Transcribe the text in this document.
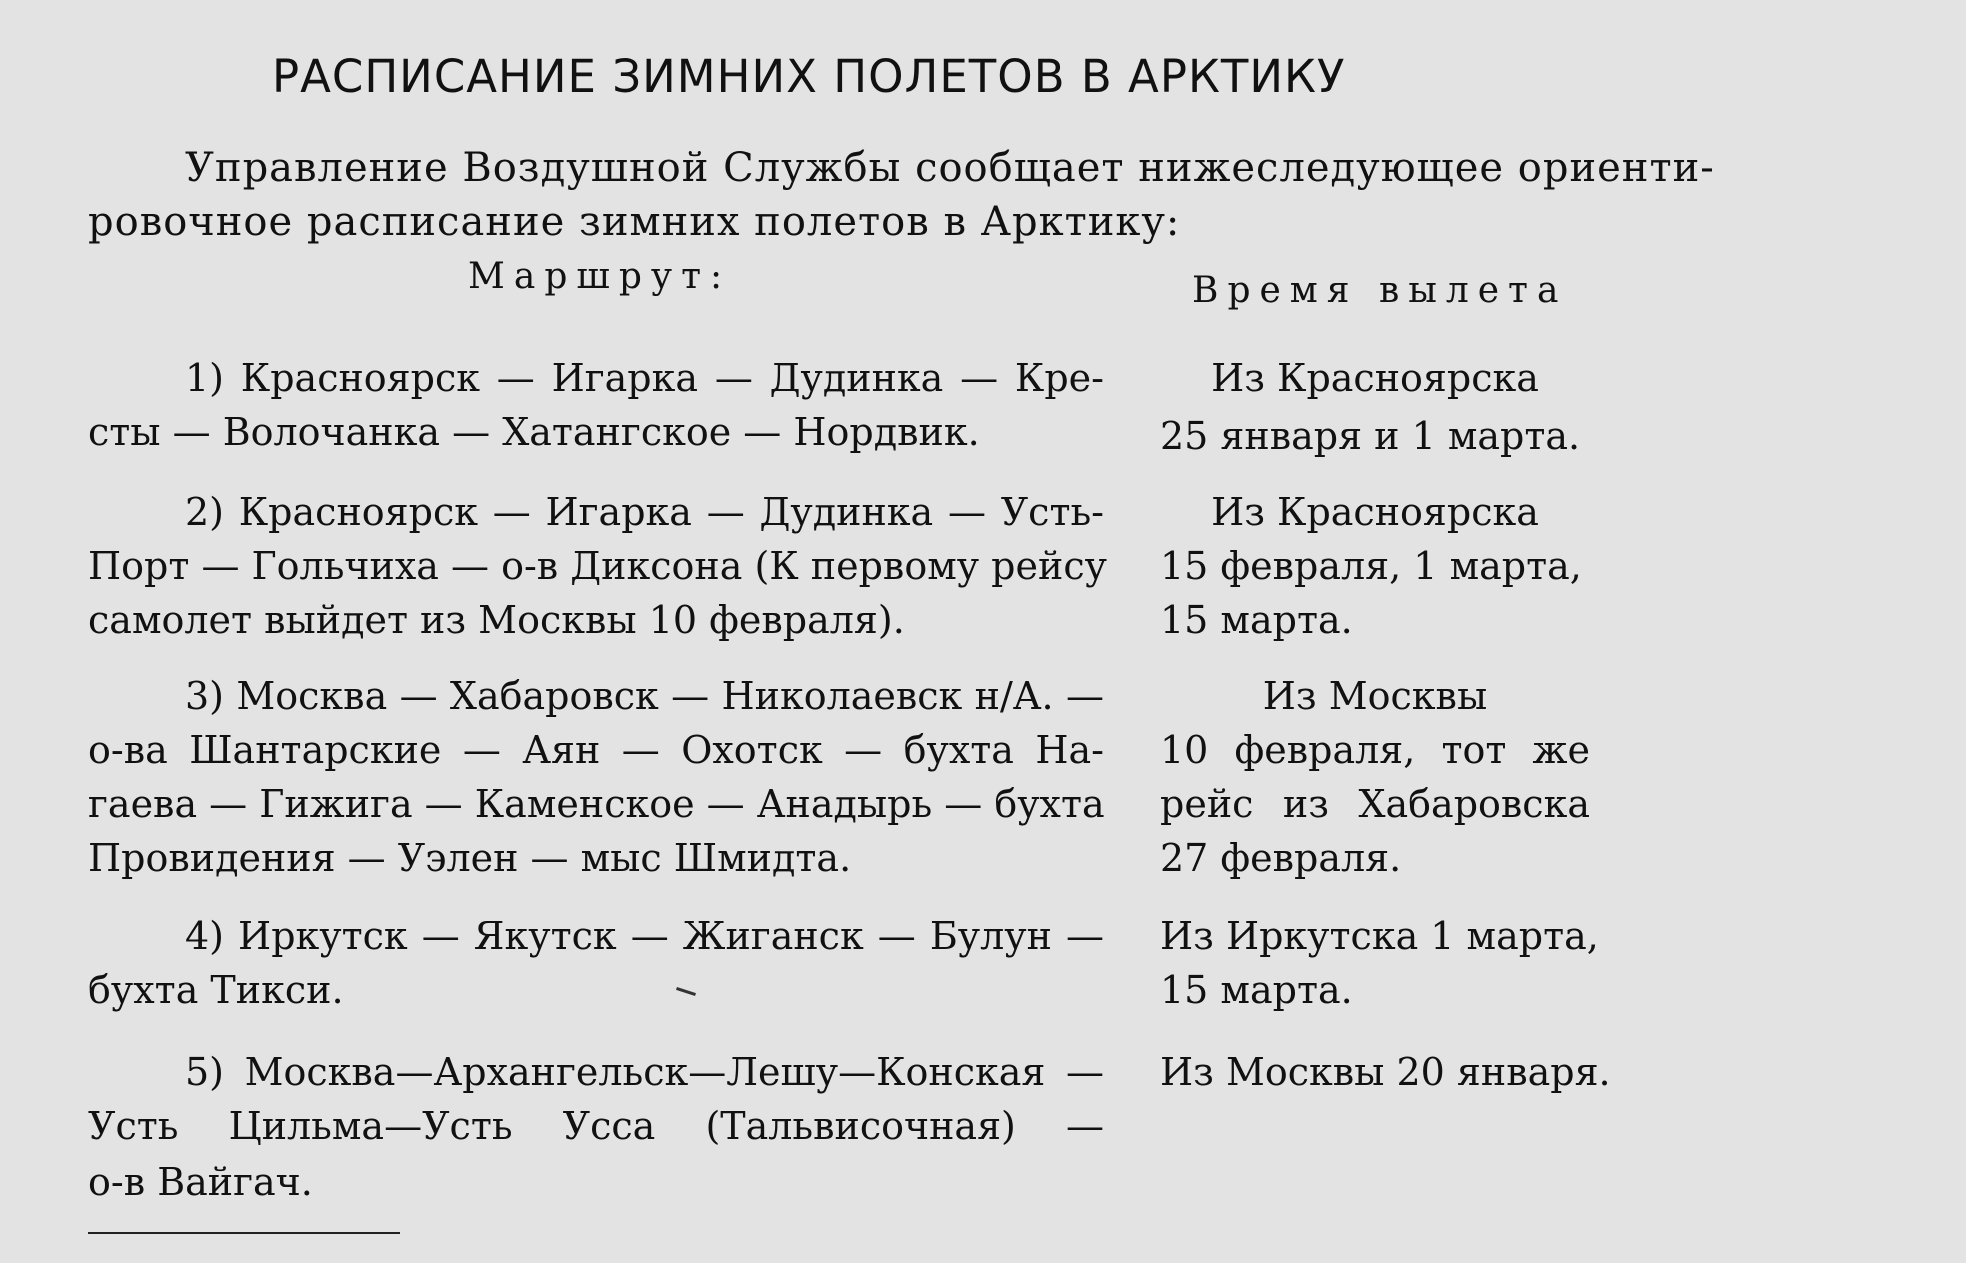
РАСПИСАНИЕ ЗИМНИХ ПОЛЕТОВ В АРКТИКУ
Управление Воздушной Службы сообщает нижеследующее ориенти-
ровочное расписание зимних полетов в Арктику:
Маршрут:	Время вылета
1) Красноярск — Игарка — Дудинка — Кре-
сты — Волочанка — Хатангское — Нордвик.
Из Красноярска
25 января и 1 марта.
2) Красноярск — Игарка — Дудинка — Усть-
Порт — Гольчиха — о-в Диксона (К первому рейсу
самолет выйдет из Москвы 10 февраля).
Из Красноярска
15 февраля, 1 марта,
15 марта.
3) Москва — Хабаровск — Николаевск н/А. —
о-ва Шантарские — Аян — Охотск — бухта На-
гаева — Гижига — Каменское — Анадырь — бухта
Провидения — Уэлен — мыс Шмидта.
Из Москвы
10 февраля, тот же
рейс из Хабаровска
27 февраля.
4) Иркутск — Якутск — Жиганск — Булун —
бухта Тикси.
Из Иркутска 1 марта,
15 марта.
5) Москва—Архангельск—Лешу—Конская —
Усть Цильма—Усть Усса (Тальвисочная) —
о-в Вайгач.
Из Москвы 20 января.
